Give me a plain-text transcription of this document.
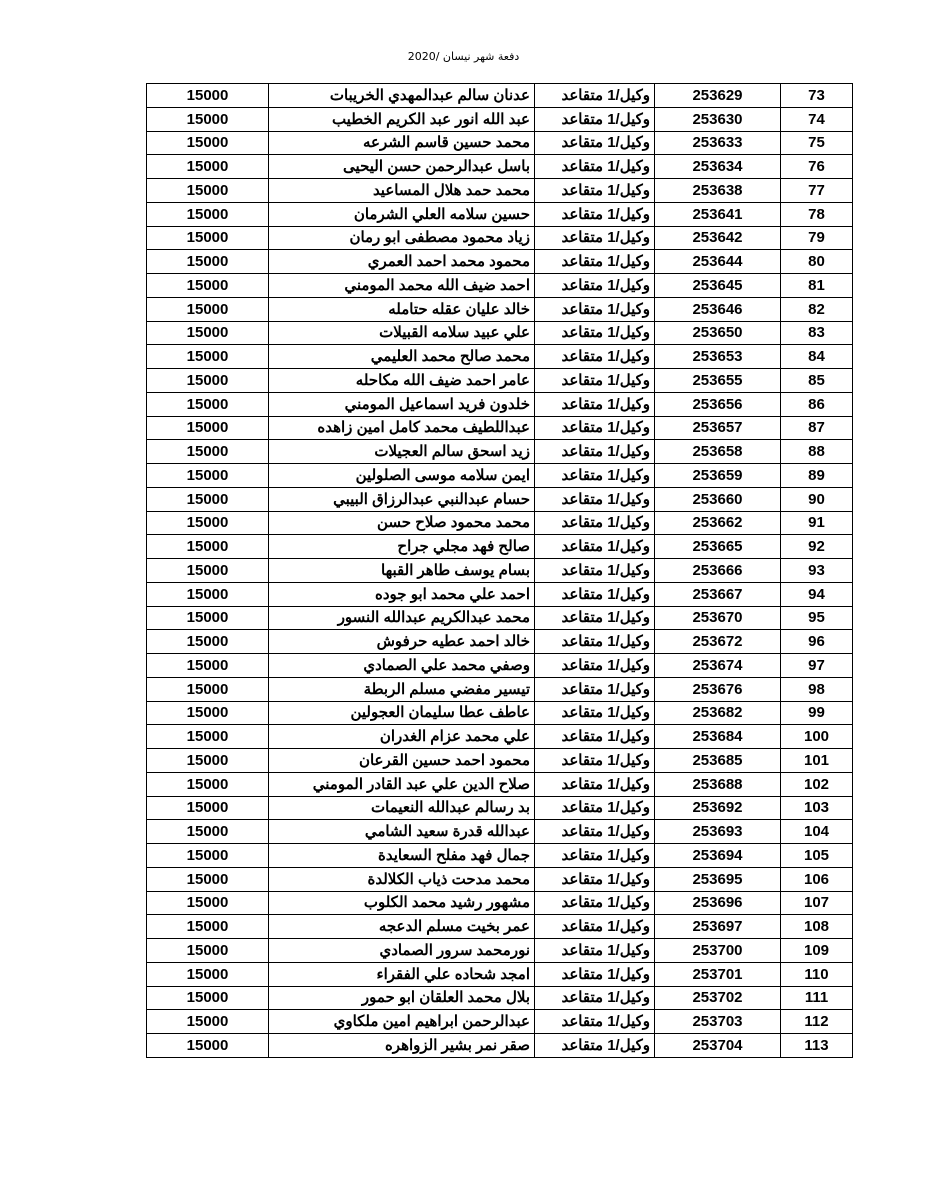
دفعة شهر نيسان /2020
15000	عدنان سالم عبدالمهدي الخريبات	وكيل/1 متقاعد	253629	73
15000	عبد الله انور عبد الكريم الخطيب	وكيل/1 متقاعد	253630	74
15000	محمد حسين قاسم الشرعه	وكيل/1 متقاعد	253633	75
15000	باسل عبدالرحمن حسن اليحيى	وكيل/1 متقاعد	253634	76
15000	محمد حمد هلال المساعيد	وكيل/1 متقاعد	253638	77
15000	حسين سلامه العلي الشرمان	وكيل/1 متقاعد	253641	78
15000	زياد محمود مصطفى ابو رمان	وكيل/1 متقاعد	253642	79
15000	محمود محمد احمد العمري	وكيل/1 متقاعد	253644	80
15000	احمد ضيف الله محمد المومني	وكيل/1 متقاعد	253645	81
15000	خالد عليان عقله حتامله	وكيل/1 متقاعد	253646	82
15000	علي عبيد سلامه القبيلات	وكيل/1 متقاعد	253650	83
15000	محمد صالح محمد العليمي	وكيل/1 متقاعد	253653	84
15000	عامر احمد ضيف الله مكاحله	وكيل/1 متقاعد	253655	85
15000	خلدون فريد اسماعيل المومني	وكيل/1 متقاعد	253656	86
15000	عبداللطيف محمد كامل امين زاهده	وكيل/1 متقاعد	253657	87
15000	زيد اسحق سالم العجيلات	وكيل/1 متقاعد	253658	88
15000	ايمن سلامه موسى الصلولين	وكيل/1 متقاعد	253659	89
15000	حسام عبدالنبي عبدالرزاق البيبي	وكيل/1 متقاعد	253660	90
15000	محمد محمود صلاح حسن	وكيل/1 متقاعد	253662	91
15000	صالح فهد مجلي جراح	وكيل/1 متقاعد	253665	92
15000	بسام يوسف طاهر القبها	وكيل/1 متقاعد	253666	93
15000	احمد علي محمد ابو جوده	وكيل/1 متقاعد	253667	94
15000	محمد عبدالكريم عبدالله النسور	وكيل/1 متقاعد	253670	95
15000	خالد احمد عطيه حرفوش	وكيل/1 متقاعد	253672	96
15000	وصفي محمد علي الصمادي	وكيل/1 متقاعد	253674	97
15000	تيسير مفضي مسلم الربطة	وكيل/1 متقاعد	253676	98
15000	عاطف عطا سليمان العجولين	وكيل/1 متقاعد	253682	99
15000	علي محمد عزام الغدران	وكيل/1 متقاعد	253684	100
15000	محمود احمد حسين القرعان	وكيل/1 متقاعد	253685	101
15000	صلاح الدين علي عبد القادر المومني	وكيل/1 متقاعد	253688	102
15000	بد رسالم عبدالله النعيمات	وكيل/1 متقاعد	253692	103
15000	عبدالله قدرة سعيد الشامي	وكيل/1 متقاعد	253693	104
15000	جمال فهد مفلح السعايدة	وكيل/1 متقاعد	253694	105
15000	محمد مدحت ذياب الكلالدة	وكيل/1 متقاعد	253695	106
15000	مشهور رشيد محمد الكلوب	وكيل/1 متقاعد	253696	107
15000	عمر بخيت مسلم الدعجه	وكيل/1 متقاعد	253697	108
15000	نورمحمد سرور الصمادي	وكيل/1 متقاعد	253700	109
15000	امجد شحاده علي الفقراء	وكيل/1 متقاعد	253701	110
15000	بلال محمد العلقان ابو حمور	وكيل/1 متقاعد	253702	111
15000	عبدالرحمن ابراهيم امين ملكاوي	وكيل/1 متقاعد	253703	112
15000	صقر نمر بشير الزواهره	وكيل/1 متقاعد	253704	113
